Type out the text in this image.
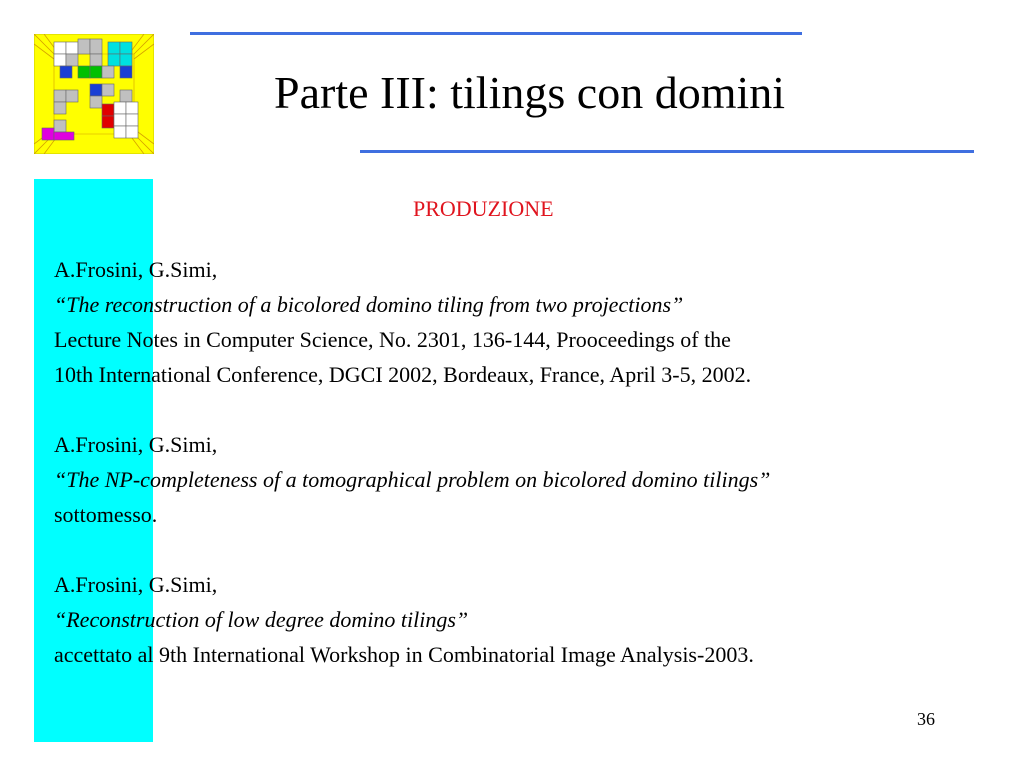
Parte III: tilings con domini
PRODUZIONE
A.Frosini, G.Simi,
“The reconstruction of a bicolored domino tiling from two projections”
Lecture Notes in Computer Science, No. 2301, 136-144, Prooceedings of the
10th International Conference, DGCI 2002, Bordeaux, France, April 3-5, 2002.
A.Frosini, G.Simi,
“The NP-completeness of a tomographical problem on bicolored domino tilings”
sottomesso.
A.Frosini, G.Simi,
“Reconstruction of low degree domino tilings”
accettato al 9th International Workshop in Combinatorial Image Analysis-2003.
36
